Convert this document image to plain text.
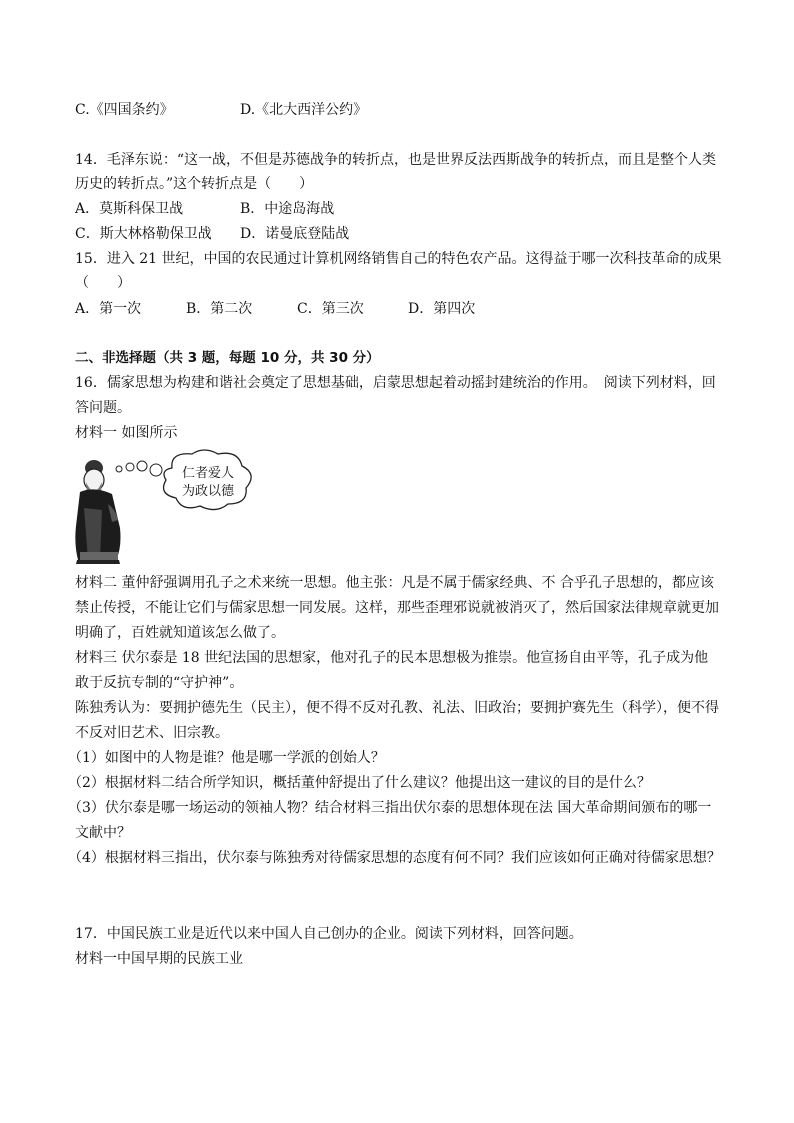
C.《四国条约》	D.《北大西洋公约》
14．毛泽东说：“这一战，不但是苏德战争的转折点，也是世界反法西斯战争的转折点，而且是整个人类
历史的转折点。”这个转折点是（　　）
A．莫斯科保卫战	B．中途岛海战
C．斯大林格勒保卫战 D．诺曼底登陆战
15．进入 21 世纪，中国的农民通过计算机网络销售自己的特色农产品。这得益于哪一次科技革命的成果
（　　）
A．第一次	B．第二次	C．第三次	D．第四次
二、非选择题（共 3 题，每题 10 分，共 30 分）
16．儒家思想为构建和谐社会奠定了思想基础，启蒙思想起着动摇封建统治的作用。　阅读下列材料，回
答问题。
材料一 如图所示
仁者爱人
为政以德
材料二 董仲舒强调用孔子之术来统一思想。他主张：凡是不属于儒家经典、不 合乎孔子思想的，都应该
禁止传授，不能让它们与儒家思想一同发展。这样，那些歪理邪说就被消灭了，然后国家法律规章就更加
明确了，百姓就知道该怎么做了。
材料三 伏尔泰是 18 世纪法国的思想家，他对孔子的民本思想极为推崇。他宣扬自由平等，孔子成为他
敢于反抗专制的“守护神”。
陈独秀认为：要拥护德先生（民主），便不得不反对孔教、礼法、旧政治；要拥护赛先生（科学），便不得
不反对旧艺术、旧宗教。
（1）如图中的人物是谁？他是哪一学派的创始人？
（2）根据材料二结合所学知识，概括董仲舒提出了什么建议？他提出这一建议的目的是什么？
（3）伏尔泰是哪一场运动的领袖人物？结合材料三指出伏尔泰的思想体现在法 国大革命期间颁布的哪一
文献中？
（4）根据材料三指出，伏尔泰与陈独秀对待儒家思想的态度有何不同？我们应该如何正确对待儒家思想？
17．中国民族工业是近代以来中国人自己创办的企业。阅读下列材料，回答问题。
材料一中国早期的民族工业
